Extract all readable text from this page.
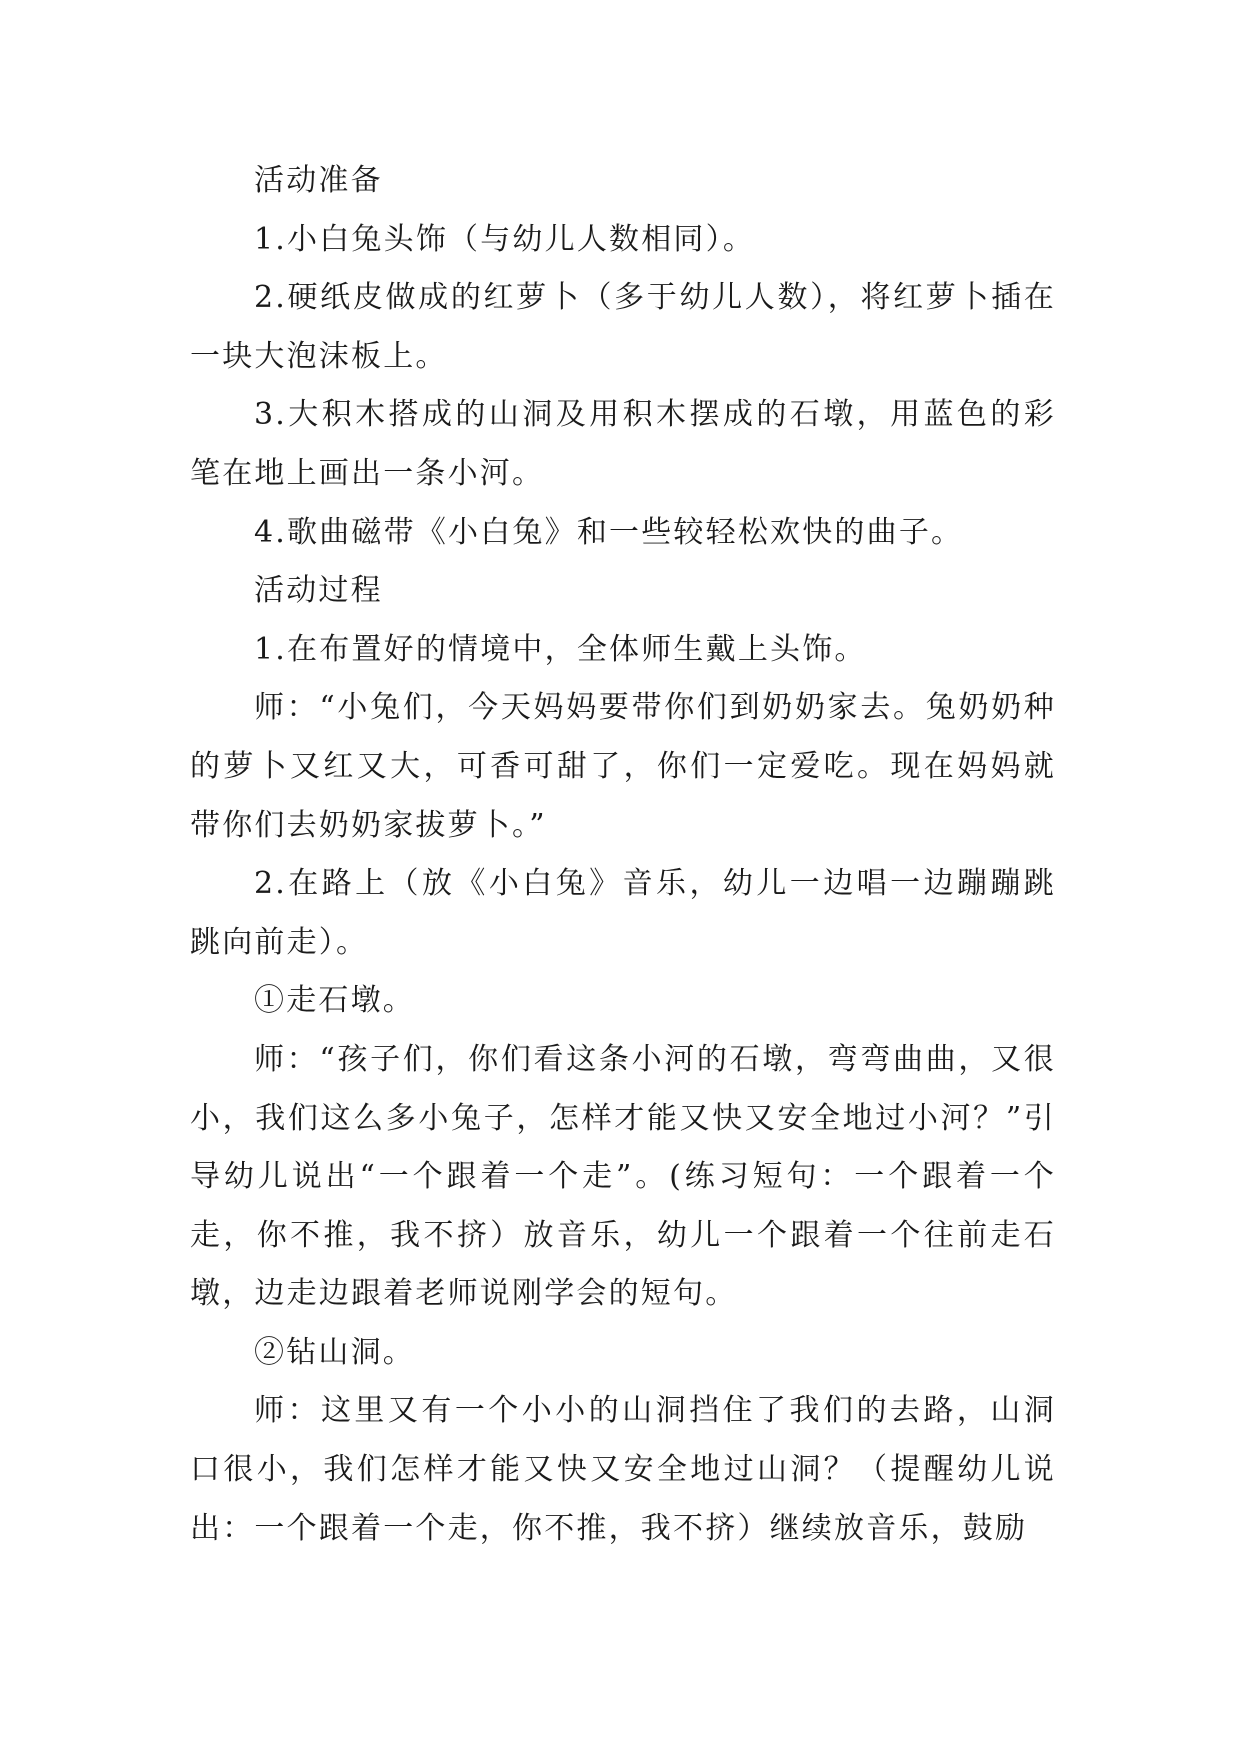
活动准备

1.小白兔头饰（与幼儿人数相同）。

2.硬纸皮做成的红萝卜（多于幼儿人数），将红萝卜插在一块大泡沫板上。

3.大积木搭成的山洞及用积木摆成的石墩，用蓝色的彩笔在地上画出一条小河。

4.歌曲磁带《小白兔》和一些较轻松欢快的曲子。

活动过程

1.在布置好的情境中，全体师生戴上头饰。

师：“小兔们，今天妈妈要带你们到奶奶家去。兔奶奶种的萝卜又红又大，可香可甜了，你们一定爱吃。现在妈妈就带你们去奶奶家拔萝卜。”

2.在路上（放《小白兔》音乐，幼儿一边唱一边蹦蹦跳跳向前走）。

①走石墩。

师：“孩子们，你们看这条小河的石墩，弯弯曲曲，又很小，我们这么多小兔子，怎样才能又快又安全地过小河？”引导幼儿说出“一个跟着一个走”。(练习短句：一个跟着一个走，你不推，我不挤）放音乐，幼儿一个跟着一个往前走石墩，边走边跟着老师说刚学会的短句。

②钻山洞。

师：这里又有一个小小的山洞挡住了我们的去路，山洞口很小，我们怎样才能又快又安全地过山洞？（提醒幼儿说出：一个跟着一个走，你不推，我不挤）继续放音乐，鼓励
